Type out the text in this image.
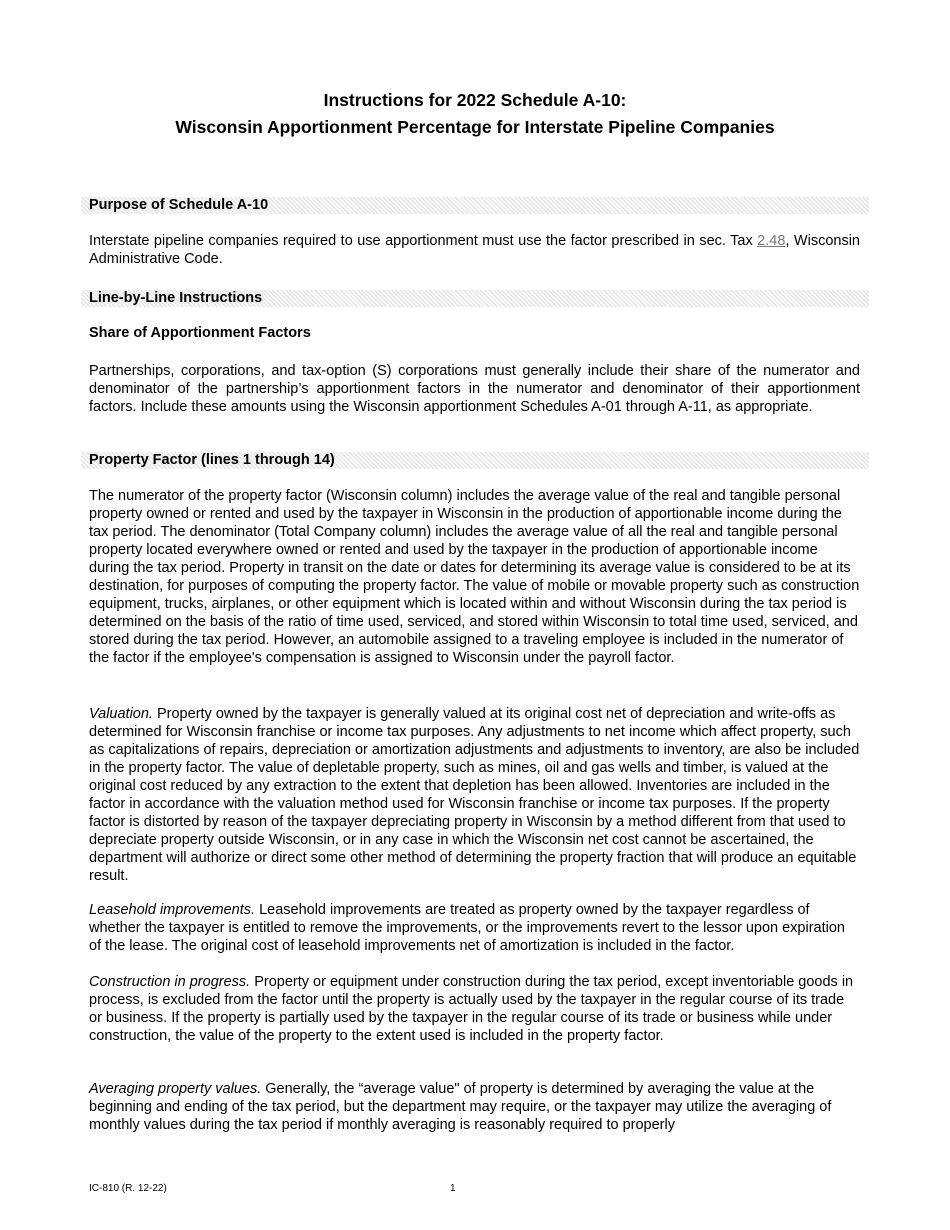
Instructions for 2022 Schedule A-10:
Wisconsin Apportionment Percentage for Interstate Pipeline Companies
Purpose of Schedule A-10

Interstate pipeline companies required to use apportionment must use the factor prescribed in sec. Tax 2.48, Wisconsin Administrative Code.

Line-by-Line Instructions
Share of Apportionment Factors

Partnerships, corporations, and tax-option (S) corporations must generally include their share of the numerator and denominator of the partnership’s apportionment factors in the numerator and denominator of their apportionment factors. Include these amounts using the Wisconsin apportionment Schedules A-01 through A-11, as appropriate.

Property Factor (lines 1 through 14)

The numerator of the property factor (Wisconsin column) includes the average value of the real and tangible personal property owned or rented and used by the taxpayer in Wisconsin in the production of apportionable income during the tax period. The denominator (Total Company column) includes the average value of all the real and tangible personal property located everywhere owned or rented and used by the taxpayer in the production of apportionable income during the tax period. Property in transit on the date or dates for determining its average value is considered to be at its destination, for purposes of computing the property factor. The value of mobile or movable property such as construction equipment, trucks, airplanes, or other equipment which is located within and without Wisconsin during the tax period is determined on the basis of the ratio of time used, serviced, and stored within Wisconsin to total time used, serviced, and stored during the tax period. However, an automobile assigned to a traveling employee is included in the numerator of the factor if the employee's compensation is assigned to Wisconsin under the payroll factor.

Valuation. Property owned by the taxpayer is generally valued at its original cost net of depreciation and write-offs as determined for Wisconsin franchise or income tax purposes. Any adjustments to net income which affect property, such as capitalizations of repairs, depreciation or amortization adjustments and adjustments to inventory, are also be included in the property factor. The value of depletable property, such as mines, oil and gas wells and timber, is valued at the original cost reduced by any extraction to the extent that depletion has been allowed. Inventories are included in the factor in accordance with the valuation method used for Wisconsin franchise or income tax purposes. If the property factor is distorted by reason of the taxpayer depreciating property in Wisconsin by a method different from that used to depreciate property outside Wisconsin, or in any case in which the Wisconsin net cost cannot be ascertained, the department will authorize or direct some other method of determining the property fraction that will produce an equitable result.

Leasehold improvements. Leasehold improvements are treated as property owned by the taxpayer regardless of whether the taxpayer is entitled to remove the improvements, or the improvements revert to the lessor upon expiration of the lease. The original cost of leasehold improvements net of amortization is included in the factor.

Construction in progress. Property or equipment under construction during the tax period, except inventoriable goods in process, is excluded from the factor until the property is actually used by the taxpayer in the regular course of its trade or business. If the property is partially used by the taxpayer in the regular course of its trade or business while under construction, the value of the property to the extent used is included in the property factor.

Averaging property values. Generally, the “average value" of property is determined by averaging the value at the beginning and ending of the tax period, but the department may require, or the taxpayer may utilize the averaging of monthly values during the tax period if monthly averaging is reasonably required to properly

IC-810 (R. 12-22)	1
